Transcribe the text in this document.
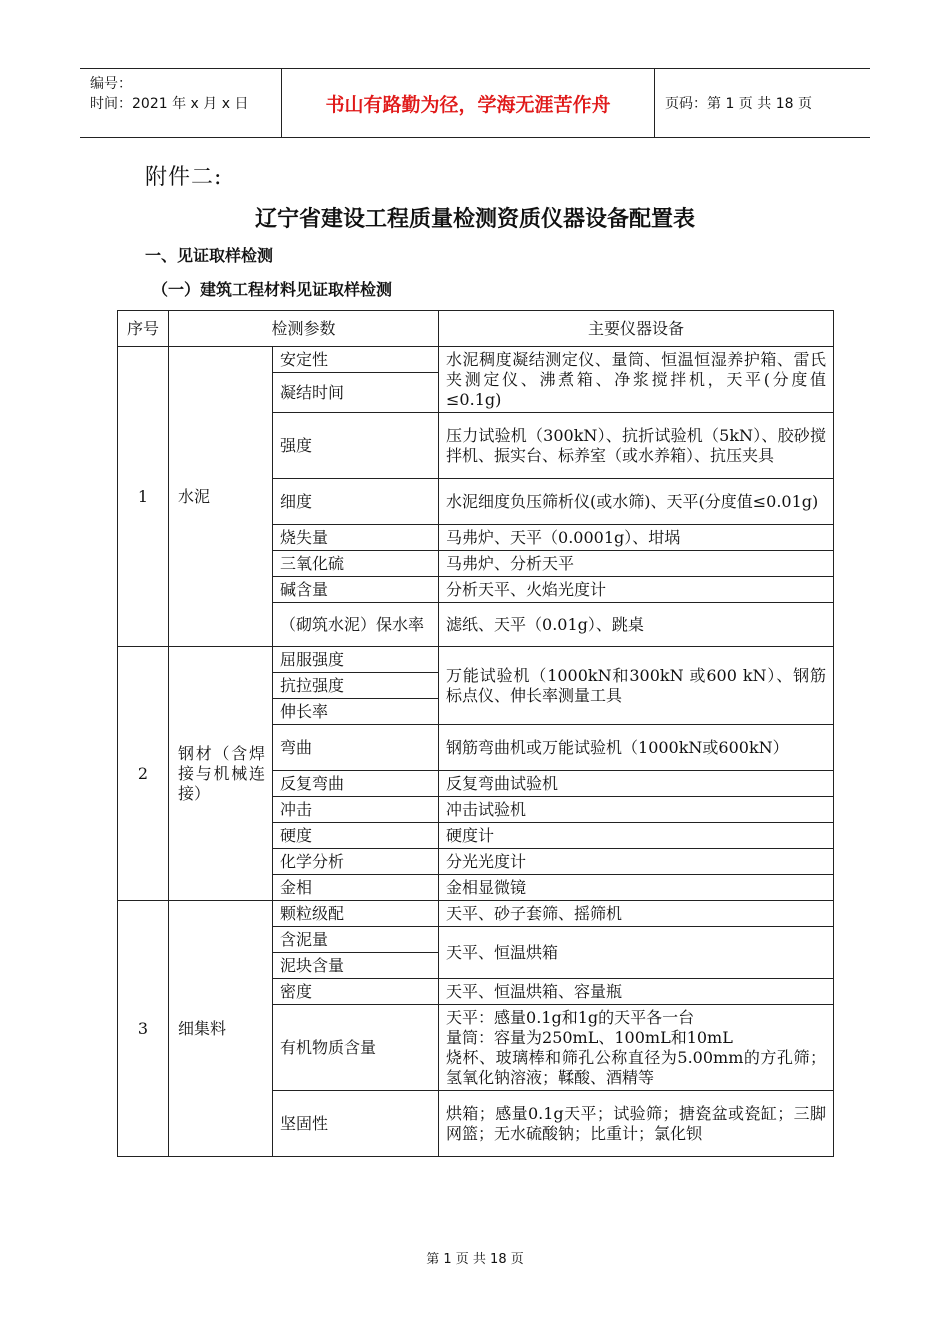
编号：
时间：2021 年 x 月 x 日	书山有路勤为径，学海无涯苦作舟	页码：第 1 页 共 18 页
附件二:
辽宁省建设工程质量检测资质仪器设备配置表
一、见证取样检测
（一）建筑工程材料见证取样检测
序号	检测参数		主要仪器设备
1	水泥	安定性	水泥稠度凝结测定仪、量筒、恒温恒湿养护箱、雷氏夹测定仪、沸煮箱、净浆搅拌机，天平(分度值≤0.1g)
		凝结时间	
		强度	压力试验机（300kN）、抗折试验机（5kN）、胶砂搅拌机、振实台、标养室（或水养箱）、抗压夹具
		细度	水泥细度负压筛析仪(或水筛)、天平(分度值≤0.01g)
		烧失量	马弗炉、天平（0.0001g）、坩埚
		三氧化硫	马弗炉、分析天平
		碱含量	分析天平、火焰光度计
		（砌筑水泥）保水率	滤纸、天平（0.01g）、跳桌

2	钢材（含焊接与机械连接）	屈服强度	万能试验机（1000kN和300kN 或600 kN）、钢筋标点仪、伸长率测量工具
		抗拉强度	
		伸长率	
		弯曲	钢筋弯曲机或万能试验机（1000kN或600kN）
		反复弯曲	反复弯曲试验机
		冲击	冲击试验机
		硬度	硬度计
		化学分析	分光光度计
		金相	金相显微镜
3	细集料	颗粒级配	天平、砂子套筛、摇筛机
		含泥量	天平、恒温烘箱
		泥块含量	
		密度	天平、恒温烘箱、容量瓶
		有机物质含量	天平：感量0.1g和1g的天平各一台
量筒：容量为250mL、100mL和10mL
烧杯、玻璃棒和筛孔公称直径为5.00mm的方孔筛；氢氧化钠溶液；鞣酸、酒精等

		坚固性	烘箱；感量0.1g天平；试验筛；搪瓷盆或瓷缸；三脚网篮；无水硫酸钠；比重计；氯化钡
第 1 页 共 18 页
